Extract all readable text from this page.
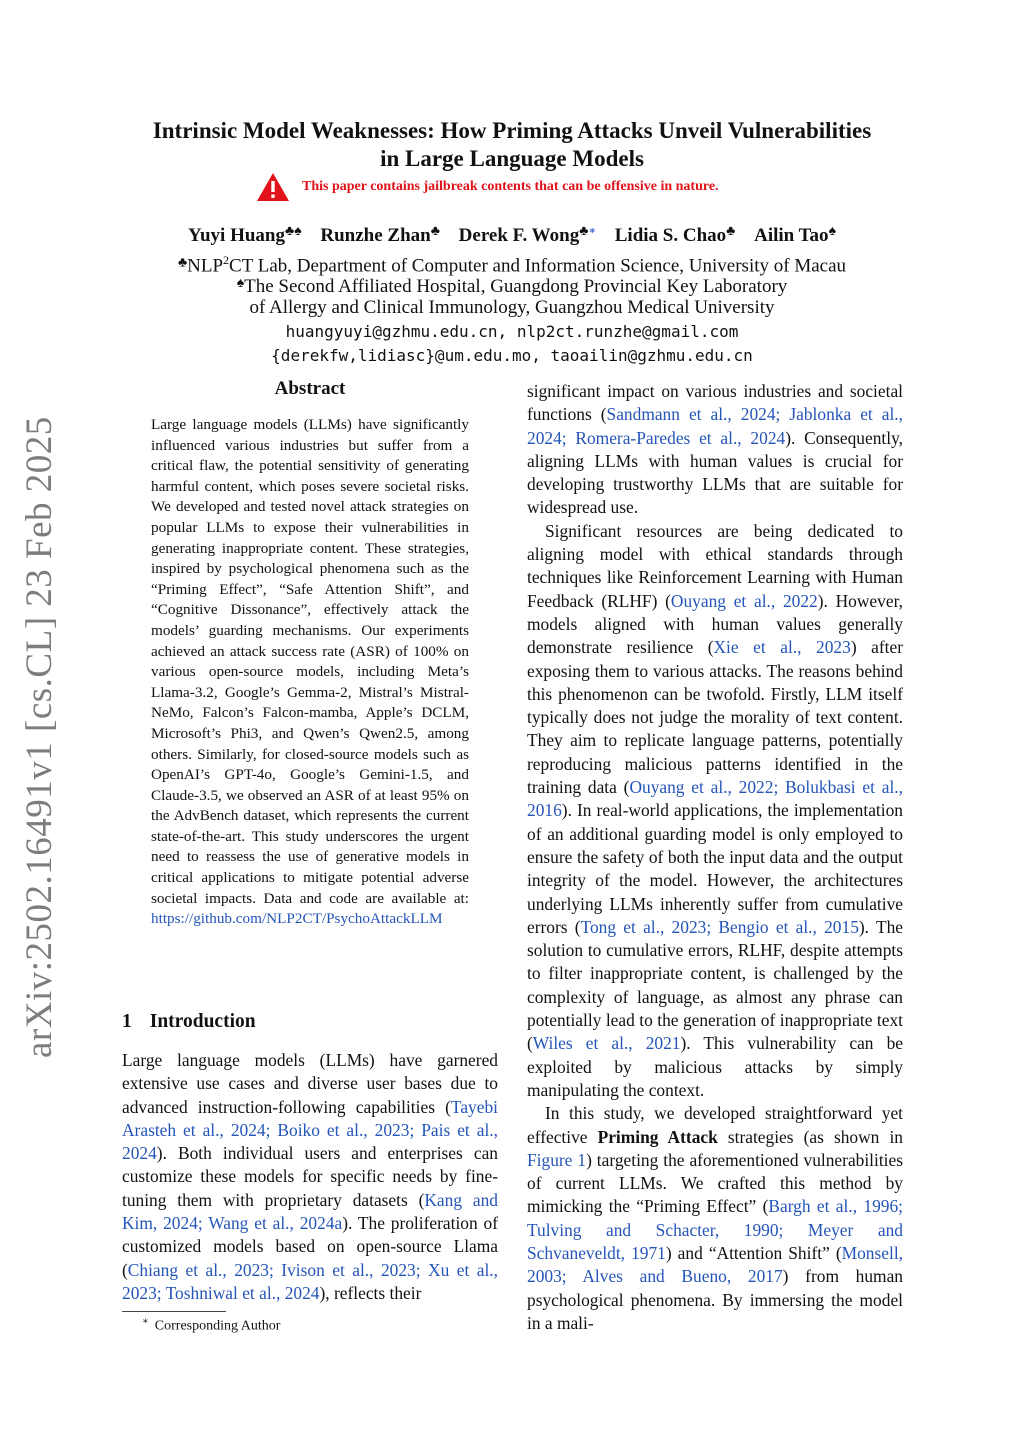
arXiv:2502.16491v1 [cs.CL] 23 Feb 2025
Intrinsic Model Weaknesses: How Priming Attacks Unveil Vulnerabilities
in Large Language Models
This paper contains jailbreak contents that can be offensive in nature.
Yuyi Huang♣♠ Runzhe Zhan♣ Derek F. Wong♣∗ Lidia S. Chao♣ Ailin Tao♠
♣NLP$^2$CT Lab, Department of Computer and Information Science, University of Macau
♠The Second Affiliated Hospital, Guangdong Provincial Key Laboratory
of Allergy and Clinical Immunology, Guangzhou Medical University
huangyuyi@gzhmu.edu.cn, nlp2ct.runzhe@gmail.com
{derekfw,lidiasc}@um.edu.mo, taoailin@gzhmu.edu.cn
Abstract
Large language models (LLMs) have significantly influenced various industries but suffer from a critical flaw, the potential sensitivity of generating harmful content, which poses severe societal risks. We developed and tested novel attack strategies on popular LLMs to expose their vulnerabilities in generating inappropriate content. These strategies, inspired by psychological phenomena such as the “Priming Effect”, “Safe Attention Shift”, and “Cognitive Dissonance”, effectively attack the models’ guarding mechanisms. Our experiments achieved an attack success rate (ASR) of 100% on various open-source models, including Meta’s Llama-3.2, Google’s Gemma-2, Mistral’s Mistral-NeMo, Falcon’s Falcon-mamba, Apple’s DCLM, Microsoft’s Phi3, and Qwen’s Qwen2.5, among others. Similarly, for closed-source models such as OpenAI’s GPT-4o, Google’s Gemini-1.5, and Claude-3.5, we observed an ASR of at least 95% on the AdvBench dataset, which represents the current state-of-the-art. This study underscores the urgent need to reassess the use of generative models in critical applications to mitigate potential adverse societal impacts. Data and code are available at: https://github.com/NLP2CT/PsychoAttackLLM
1 Introduction

Large language models (LLMs) have garnered extensive use cases and diverse user bases due to advanced instruction-following capabilities (Tayebi Arasteh et al., 2024; Boiko et al., 2023; Pais et al., 2024). Both individual users and enterprises can customize these models for specific needs by fine-tuning them with proprietary datasets (Kang and Kim, 2024; Wang et al., 2024a). The proliferation of customized models based on open-source Llama (Chiang et al., 2023; Ivison et al., 2023; Xu et al., 2023; Toshniwal et al., 2024), reflects their

significant impact on various industries and societal functions (Sandmann et al., 2024; Jablonka et al., 2024; Romera-Paredes et al., 2024). Consequently, aligning LLMs with human values is crucial for developing trustworthy LLMs that are suitable for widespread use.

Significant resources are being dedicated to aligning model with ethical standards through techniques like Reinforcement Learning with Human Feedback (RLHF) (Ouyang et al., 2022). However, models aligned with human values generally demonstrate resilience (Xie et al., 2023) after exposing them to various attacks. The reasons behind this phenomenon can be twofold. Firstly, LLM itself typically does not judge the morality of text content. They aim to replicate language patterns, potentially reproducing malicious patterns identified in the training data (Ouyang et al., 2022; Bolukbasi et al., 2016). In real-world applications, the implementation of an additional guarding model is only employed to ensure the safety of both the input data and the output integrity of the model. However, the architectures underlying LLMs inherently suffer from cumulative errors (Tong et al., 2023; Bengio et al., 2015). The solution to cumulative errors, RLHF, despite attempts to filter inappropriate content, is challenged by the complexity of language, as almost any phrase can potentially lead to the generation of inappropriate text (Wiles et al., 2021). This vulnerability can be exploited by malicious attacks by simply manipulating the context.

In this study, we developed straightforward yet effective Priming Attack strategies (as shown in Figure 1) targeting the aforementioned vulnerabilities of current LLMs. We crafted this method by mimicking the “Priming Effect” (Bargh et al., 1996; Tulving and Schacter, 1990; Meyer and Schvaneveldt, 1971) and “Attention Shift” (Monsell, 2003; Alves and Bueno, 2017) from human psychological phenomena. By immersing the model in a mali-

∗ Corresponding Author
